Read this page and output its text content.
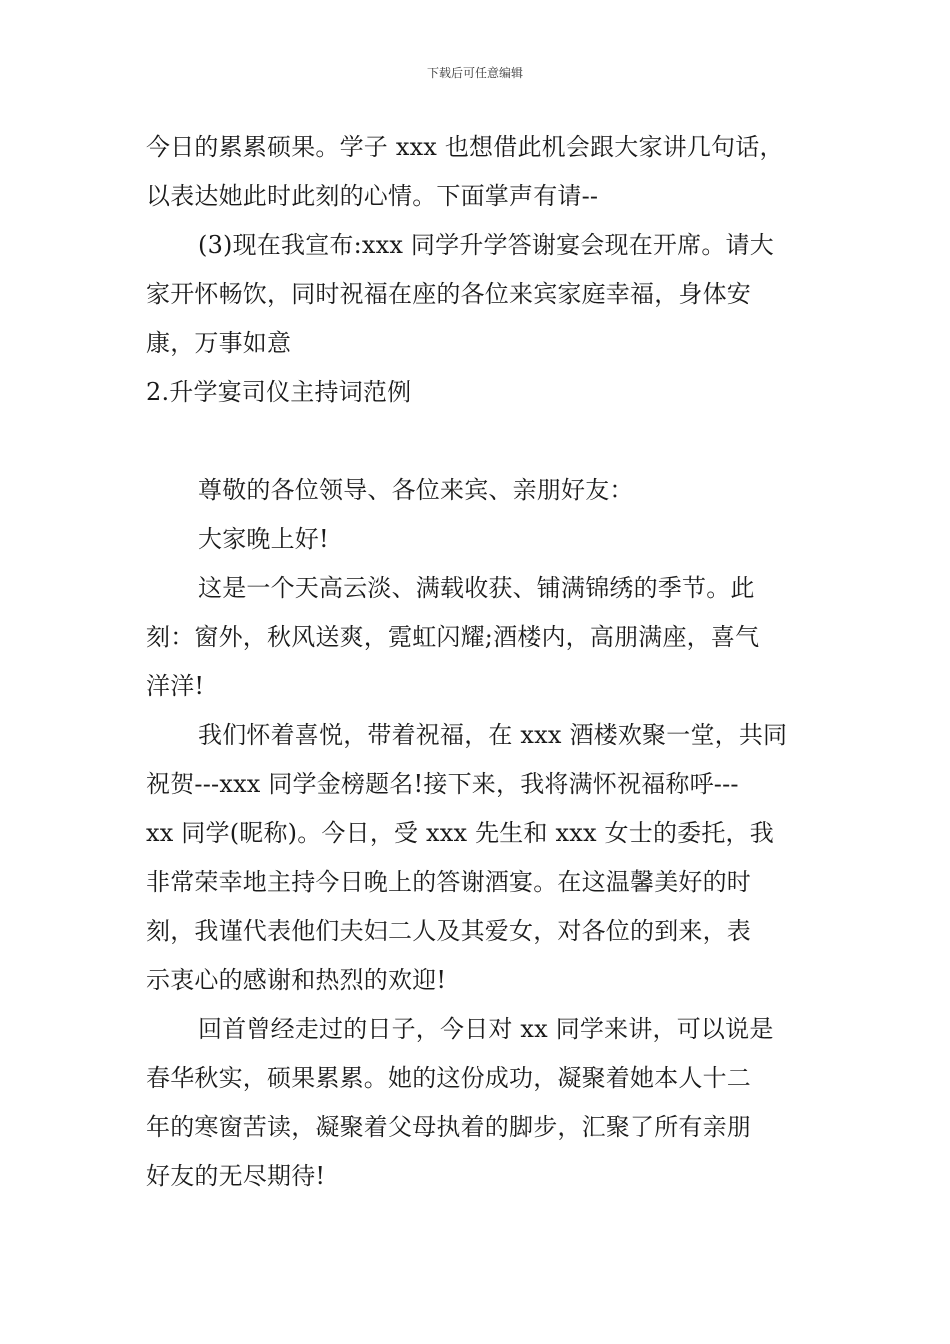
下载后可任意编辑
今日的累累硕果。学子 xxx 也想借此机会跟大家讲几句话，
以表达她此时此刻的心情。下面掌声有请--
(3)现在我宣布:xxx 同学升学答谢宴会现在开席。请大
家开怀畅饮，同时祝福在座的各位来宾家庭幸福，身体安
康，万事如意
2.升学宴司仪主持词范例
尊敬的各位领导、各位来宾、亲朋好友：
大家晚上好!
这是一个天高云淡、满载收获、铺满锦绣的季节。此
刻：窗外，秋风送爽，霓虹闪耀;酒楼内，高朋满座，喜气
洋洋!
我们怀着喜悦，带着祝福，在 xxx 酒楼欢聚一堂，共同
祝贺---xxx 同学金榜题名!接下来，我将满怀祝福称呼---
xx 同学(昵称)。今日，受 xxx 先生和 xxx 女士的委托，我
非常荣幸地主持今日晚上的答谢酒宴。在这温馨美好的时
刻，我谨代表他们夫妇二人及其爱女，对各位的到来，表
示衷心的感谢和热烈的欢迎!
回首曾经走过的日子，今日对 xx 同学来讲，可以说是
春华秋实，硕果累累。她的这份成功，凝聚着她本人十二
年的寒窗苦读，凝聚着父母执着的脚步，汇聚了所有亲朋
好友的无尽期待!
